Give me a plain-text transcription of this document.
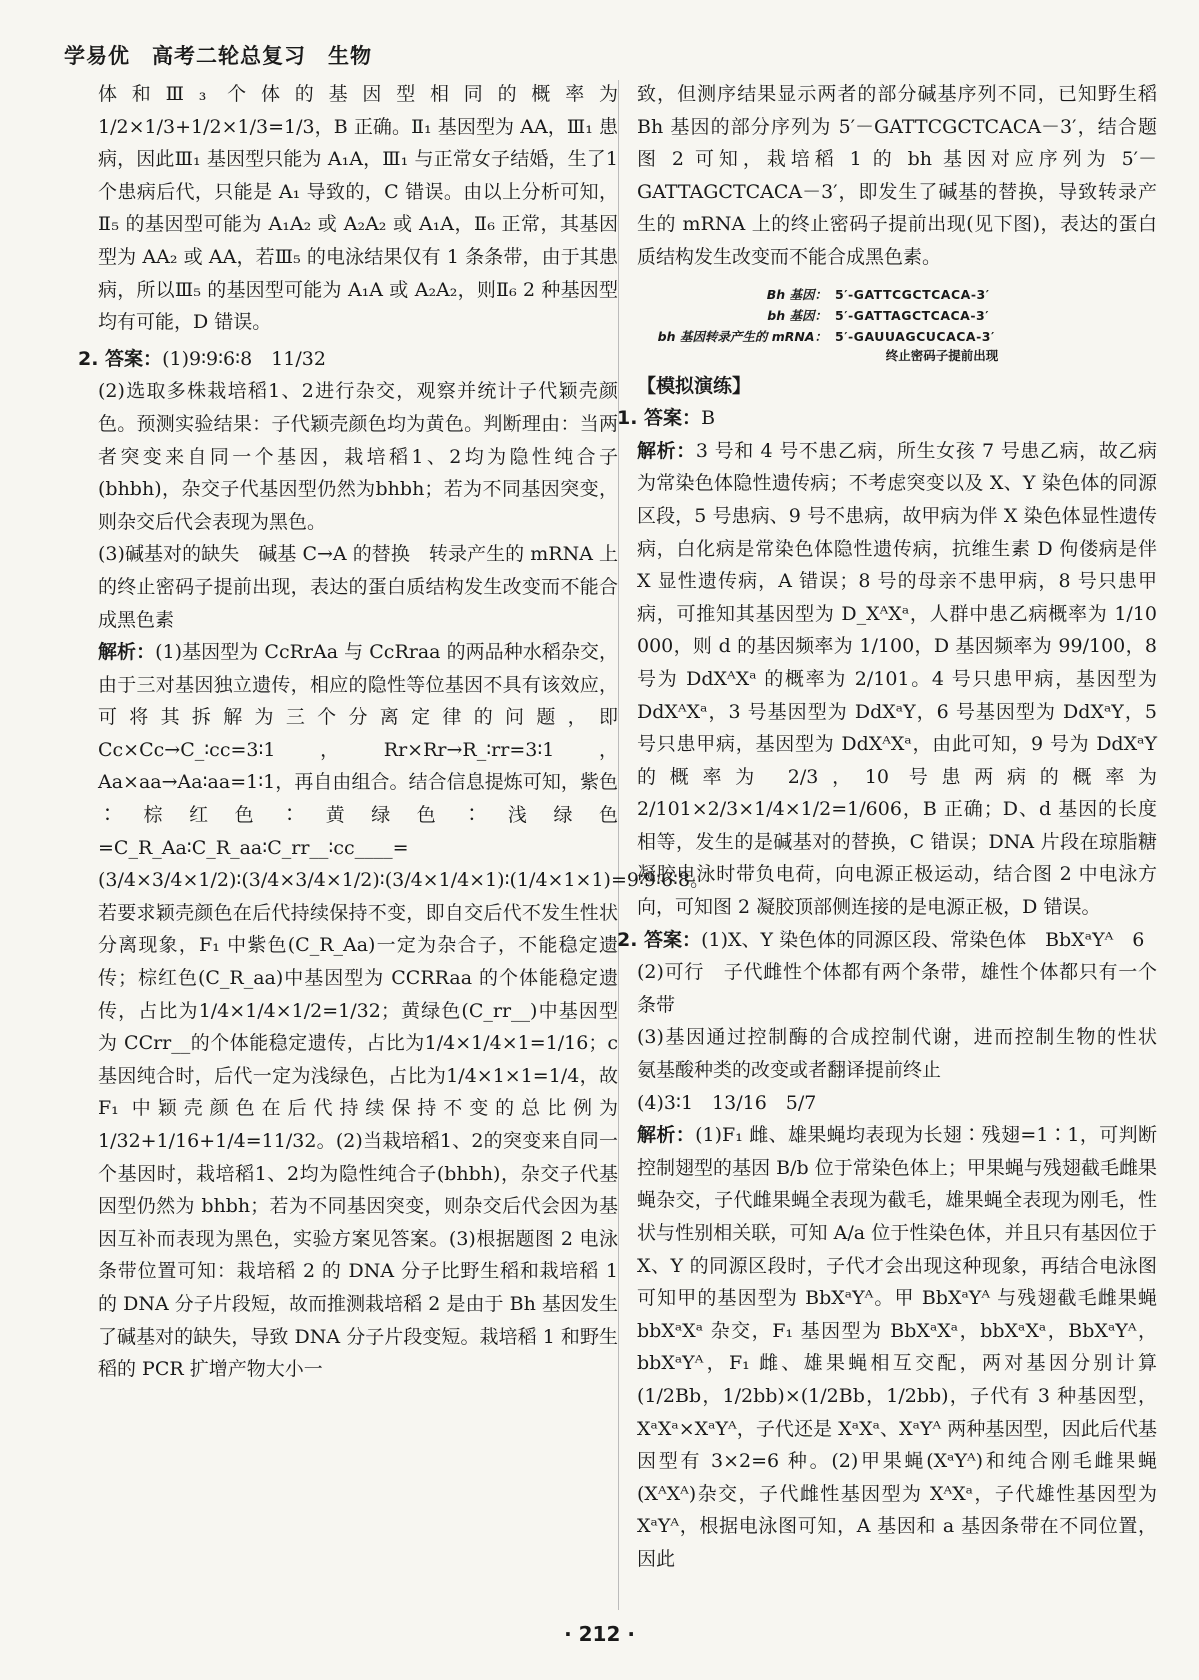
学易优　高考二轮总复习　生物

体和Ⅲ₃ 个体的基因型相同的概率为1/2×1/3+1/2×1/3=1/3，B 正确。Ⅱ₁ 基因型为 AA，Ⅲ₁ 患病，因此Ⅲ₁ 基因型只能为 A₁A，Ⅲ₁ 与正常女子结婚，生了1个患病后代，只能是 A₁ 导致的，C 错误。由以上分析可知，Ⅱ₅ 的基因型可能为 A₁A₂ 或 A₂A₂ 或 A₁A，Ⅱ₆ 正常，其基因型为 AA₂ 或 AA，若Ⅲ₅ 的电泳结果仅有 1 条条带，由于其患病，所以Ⅲ₅ 的基因型可能为 A₁A 或 A₂A₂，则Ⅱ₆ 2 种基因型均有可能，D 错误。

2. 答案：(1)9∶9∶6∶8　11/32

(2)选取多株栽培稻1、2进行杂交，观察并统计子代颖壳颜色。预测实验结果：子代颖壳颜色均为黄色。判断理由：当两者突变来自同一个基因，栽培稻1、2均为隐性纯合子(bhbh)，杂交子代基因型仍然为bhbh；若为不同基因突变，则杂交后代会表现为黑色。

(3)碱基对的缺失　碱基 C→A 的替换　转录产生的 mRNA 上的终止密码子提前出现，表达的蛋白质结构发生改变而不能合成黑色素

解析：(1)基因型为 CcRrAa 与 CcRraa 的两品种水稻杂交，由于三对基因独立遗传，相应的隐性等位基因不具有该效应，可将其拆解为三个分离定律的问题，即 Cc×Cc→C_∶cc=3∶1，Rr×Rr→R_∶rr=3∶1，Aa×aa→Aa∶aa=1∶1，再自由组合。结合信息提炼可知，紫色∶棕红色∶黄绿色∶浅绿色=C_R_Aa∶C_R_aa∶C_rr__∶cc____=(3/4×3/4×1/2)∶(3/4×3/4×1/2)∶(3/4×1/4×1)∶(1/4×1×1)=9∶9∶6∶8。若要求颖壳颜色在后代持续保持不变，即自交后代不发生性状分离现象，F₁ 中紫色(C_R_Aa)一定为杂合子，不能稳定遗传；棕红色(C_R_aa)中基因型为 CCRRaa 的个体能稳定遗传，占比为1/4×1/4×1/2=1/32；黄绿色(C_rr__)中基因型为 CCrr__的个体能稳定遗传，占比为1/4×1/4×1=1/16；c 基因纯合时，后代一定为浅绿色，占比为1/4×1×1=1/4，故 F₁ 中颖壳颜色在后代持续保持不变的总比例为1/32+1/16+1/4=11/32。(2)当栽培稻1、2的突变来自同一个基因时，栽培稻1、2均为隐性纯合子(bhbh)，杂交子代基因型仍然为 bhbh；若为不同基因突变，则杂交后代会因为基因互补而表现为黑色，实验方案见答案。(3)根据题图 2 电泳条带位置可知：栽培稻 2 的 DNA 分子比野生稻和栽培稻 1 的 DNA 分子片段短，故而推测栽培稻 2 是由于 Bh 基因发生了碱基对的缺失，导致 DNA 分子片段变短。栽培稻 1 和野生稻的 PCR 扩增产物大小一

致，但测序结果显示两者的部分碱基序列不同，已知野生稻 Bh 基因的部分序列为 5′－GATTCGCTCACA－3′，结合题图 2 可知，栽培稻 1 的 bh 基因对应序列为 5′－GATTAGCTCACA－3′，即发生了碱基的替换，导致转录产生的 mRNA 上的终止密码子提前出现(见下图)，表达的蛋白质结构发生改变而不能合成黑色素。

Bh 基因： 5′-GATTCGCTCACA-3′
bh 基因： 5′-GATTAGCTCACA-3′
bh 基因转录产生的 mRNA： 5′-GAUUAGCUCACA-3′
终止密码子提前出现

【模拟演练】

1. 答案：B

解析：3 号和 4 号不患乙病，所生女孩 7 号患乙病，故乙病为常染色体隐性遗传病；不考虑突变以及 X、Y 染色体的同源区段，5 号患病、9 号不患病，故甲病为伴 X 染色体显性遗传病，白化病是常染色体隐性遗传病，抗维生素 D 佝偻病是伴 X 显性遗传病，A 错误；8 号的母亲不患甲病，8 号只患甲病，可推知其基因型为 D_XᴬXᵃ，人群中患乙病概率为 1/10 000，则 d 的基因频率为 1/100，D 基因频率为 99/100，8 号为 DdXᴬXᵃ 的概率为 2/101。4 号只患甲病，基因型为 DdXᴬXᵃ，3 号基因型为 DdXᵃY，6 号基因型为 DdXᵃY，5 号只患甲病，基因型为 DdXᴬXᵃ，由此可知，9 号为 DdXᵃY 的概率为 2/3，10 号患两病的概率为 2/101×2/3×1/4×1/2=1/606，B 正确；D、d 基因的长度相等，发生的是碱基对的替换，C 错误；DNA 片段在琼脂糖凝胶电泳时带负电荷，向电源正极运动，结合图 2 中电泳方向，可知图 2 凝胶顶部侧连接的是电源正极，D 错误。

2. 答案：(1)X、Y 染色体的同源区段、常染色体　BbXᵃYᴬ　6

(2)可行　子代雌性个体都有两个条带，雄性个体都只有一个条带

(3)基因通过控制酶的合成控制代谢，进而控制生物的性状　氨基酸种类的改变或者翻译提前终止

(4)3∶1　13/16　5/7

解析：(1)F₁ 雌、雄果蝇均表现为长翅∶残翅=1∶1，可判断控制翅型的基因 B/b 位于常染色体上；甲果蝇与残翅截毛雌果蝇杂交，子代雌果蝇全表现为截毛，雄果蝇全表现为刚毛，性状与性别相关联，可知 A/a 位于性染色体，并且只有基因位于 X、Y 的同源区段时，子代才会出现这种现象，再结合电泳图可知甲的基因型为 BbXᵃYᴬ。甲 BbXᵃYᴬ 与残翅截毛雌果蝇 bbXᵃXᵃ 杂交，F₁ 基因型为 BbXᵃXᵃ，bbXᵃXᵃ，BbXᵃYᴬ，bbXᵃYᴬ，F₁ 雌、雄果蝇相互交配，两对基因分别计算(1/2Bb，1/2bb)×(1/2Bb，1/2bb)，子代有 3 种基因型，XᵃXᵃ×XᵃYᴬ，子代还是 XᵃXᵃ、XᵃYᴬ 两种基因型，因此后代基因型有 3×2=6 种。(2)甲果蝇(XᵃYᴬ)和纯合刚毛雌果蝇(XᴬXᴬ)杂交，子代雌性基因型为 XᴬXᵃ，子代雄性基因型为 XᵃYᴬ，根据电泳图可知，A 基因和 a 基因条带在不同位置，因此

· 212 ·
